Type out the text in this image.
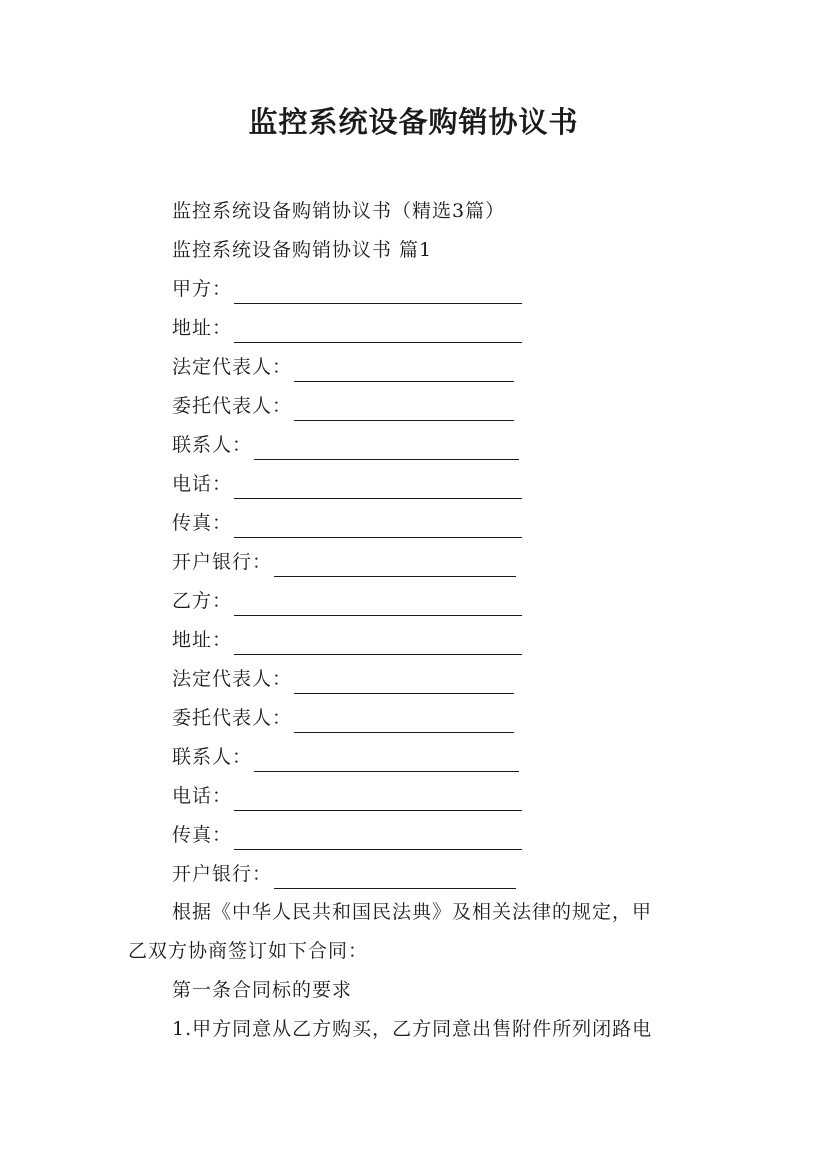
监控系统设备购销协议书
监控系统设备购销协议书（精选3篇）
监控系统设备购销协议书 篇1
甲方：
地址：
法定代表人：
委托代表人：
联系人：
电话：
传真：
开户银行：
乙方：
地址：
法定代表人：
委托代表人：
联系人：
电话：
传真：
开户银行：
根据《中华人民共和国民法典》及相关法律的规定，甲
乙双方协商签订如下合同：
第一条合同标的要求
1.甲方同意从乙方购买，乙方同意出售附件所列闭路电
